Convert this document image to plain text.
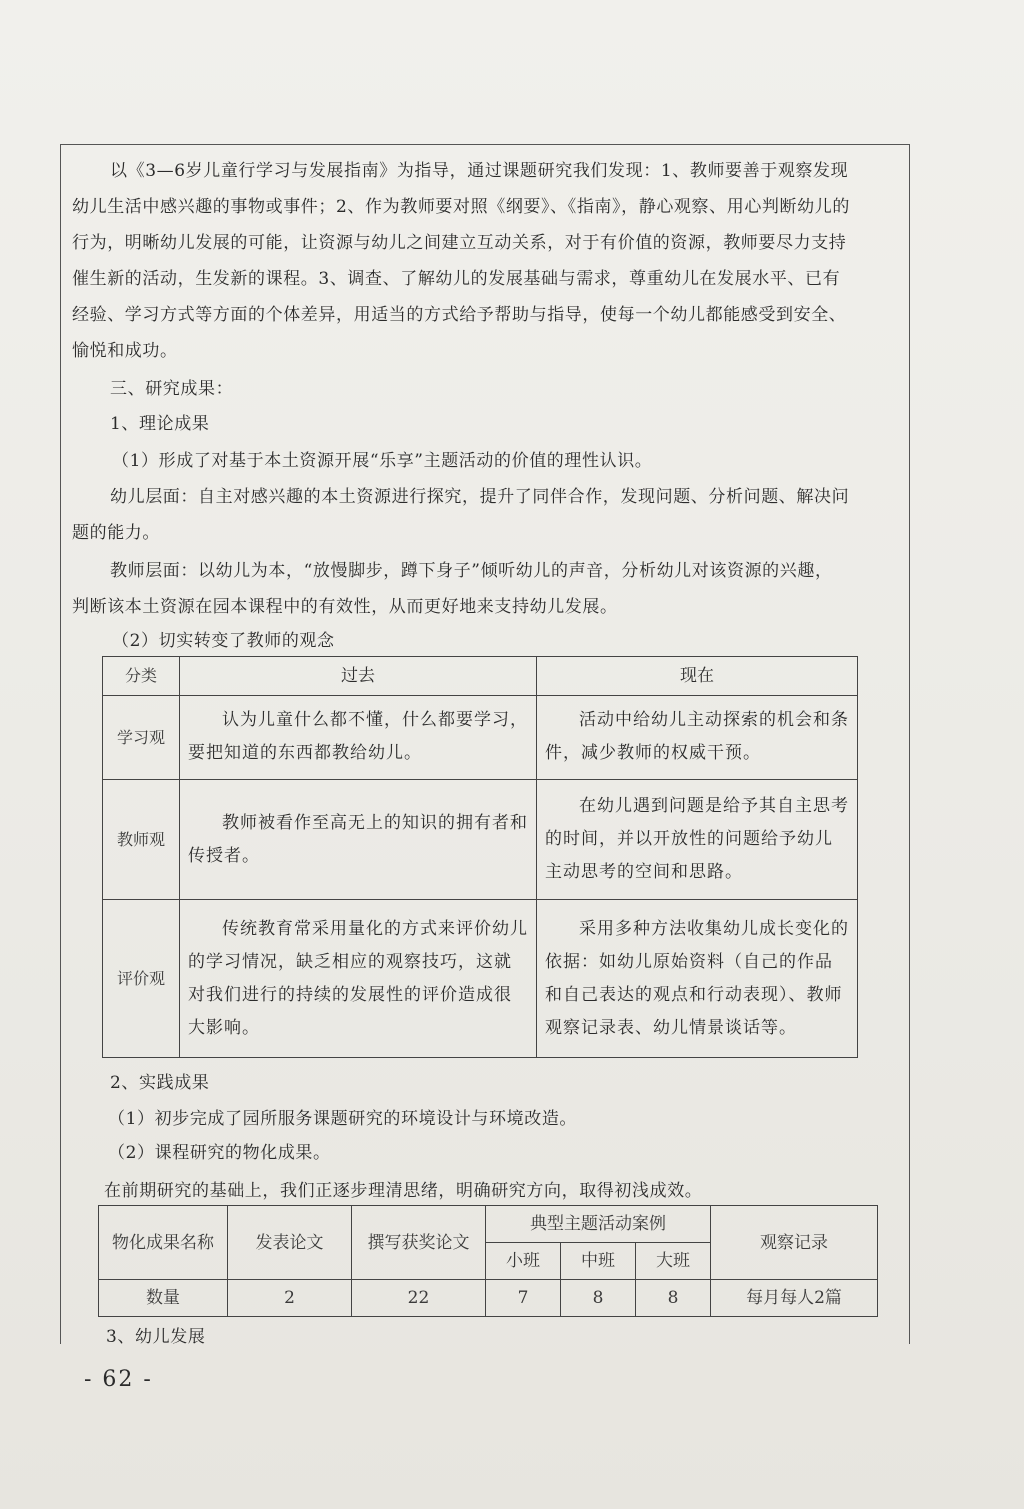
以《3—6岁儿童行学习与发展指南》为指导，通过课题研究我们发现：1、教师要善于观察发现
幼儿生活中感兴趣的事物或事件；2、作为教师要对照《纲要》、《指南》，静心观察、用心判断幼儿的
行为，明晰幼儿发展的可能，让资源与幼儿之间建立互动关系，对于有价值的资源，教师要尽力支持
催生新的活动，生发新的课程。3、调查、了解幼儿的发展基础与需求，尊重幼儿在发展水平、已有
经验、学习方式等方面的个体差异，用适当的方式给予帮助与指导，使每一个幼儿都能感受到安全、
愉悦和成功。
三、研究成果：
1、理论成果
（1）形成了对基于本土资源开展“乐享”主题活动的价值的理性认识。
幼儿层面：自主对感兴趣的本土资源进行探究，提升了同伴合作，发现问题、分析问题、解决问
题的能力。
教师层面：以幼儿为本，“放慢脚步，蹲下身子”倾听幼儿的声音，分析幼儿对该资源的兴趣，
判断该本土资源在园本课程中的有效性，从而更好地来支持幼儿发展。
（2）切实转变了教师的观念
分类	过去	现在
学习观	认为儿童什么都不懂，什么都要学习，要把知道的东西都教给幼儿。	活动中给幼儿主动探索的机会和条件，减少教师的权威干预。
教师观	教师被看作至高无上的知识的拥有者和传授者。	在幼儿遇到问题是给予其自主思考的时间，并以开放性的问题给予幼儿主动思考的空间和思路。
评价观	传统教育常采用量化的方式来评价幼儿的学习情况，缺乏相应的观察技巧，这就对我们进行的持续的发展性的评价造成很大影响。	采用多种方法收集幼儿成长变化的依据：如幼儿原始资料（自己的作品和自己表达的观点和行动表现）、教师观察记录表、幼儿情景谈话等。
2、实践成果
（1）初步完成了园所服务课题研究的环境设计与环境改造。
（2）课程研究的物化成果。
在前期研究的基础上，我们正逐步理清思绪，明确研究方向，取得初浅成效。
物化成果名称	发表论文	撰写获奖论文	典型主题活动案例			观察记录
			小班	中班	大班	
数量	2	22	7	8	8	每月每人2篇
3、幼儿发展
- 62 -
